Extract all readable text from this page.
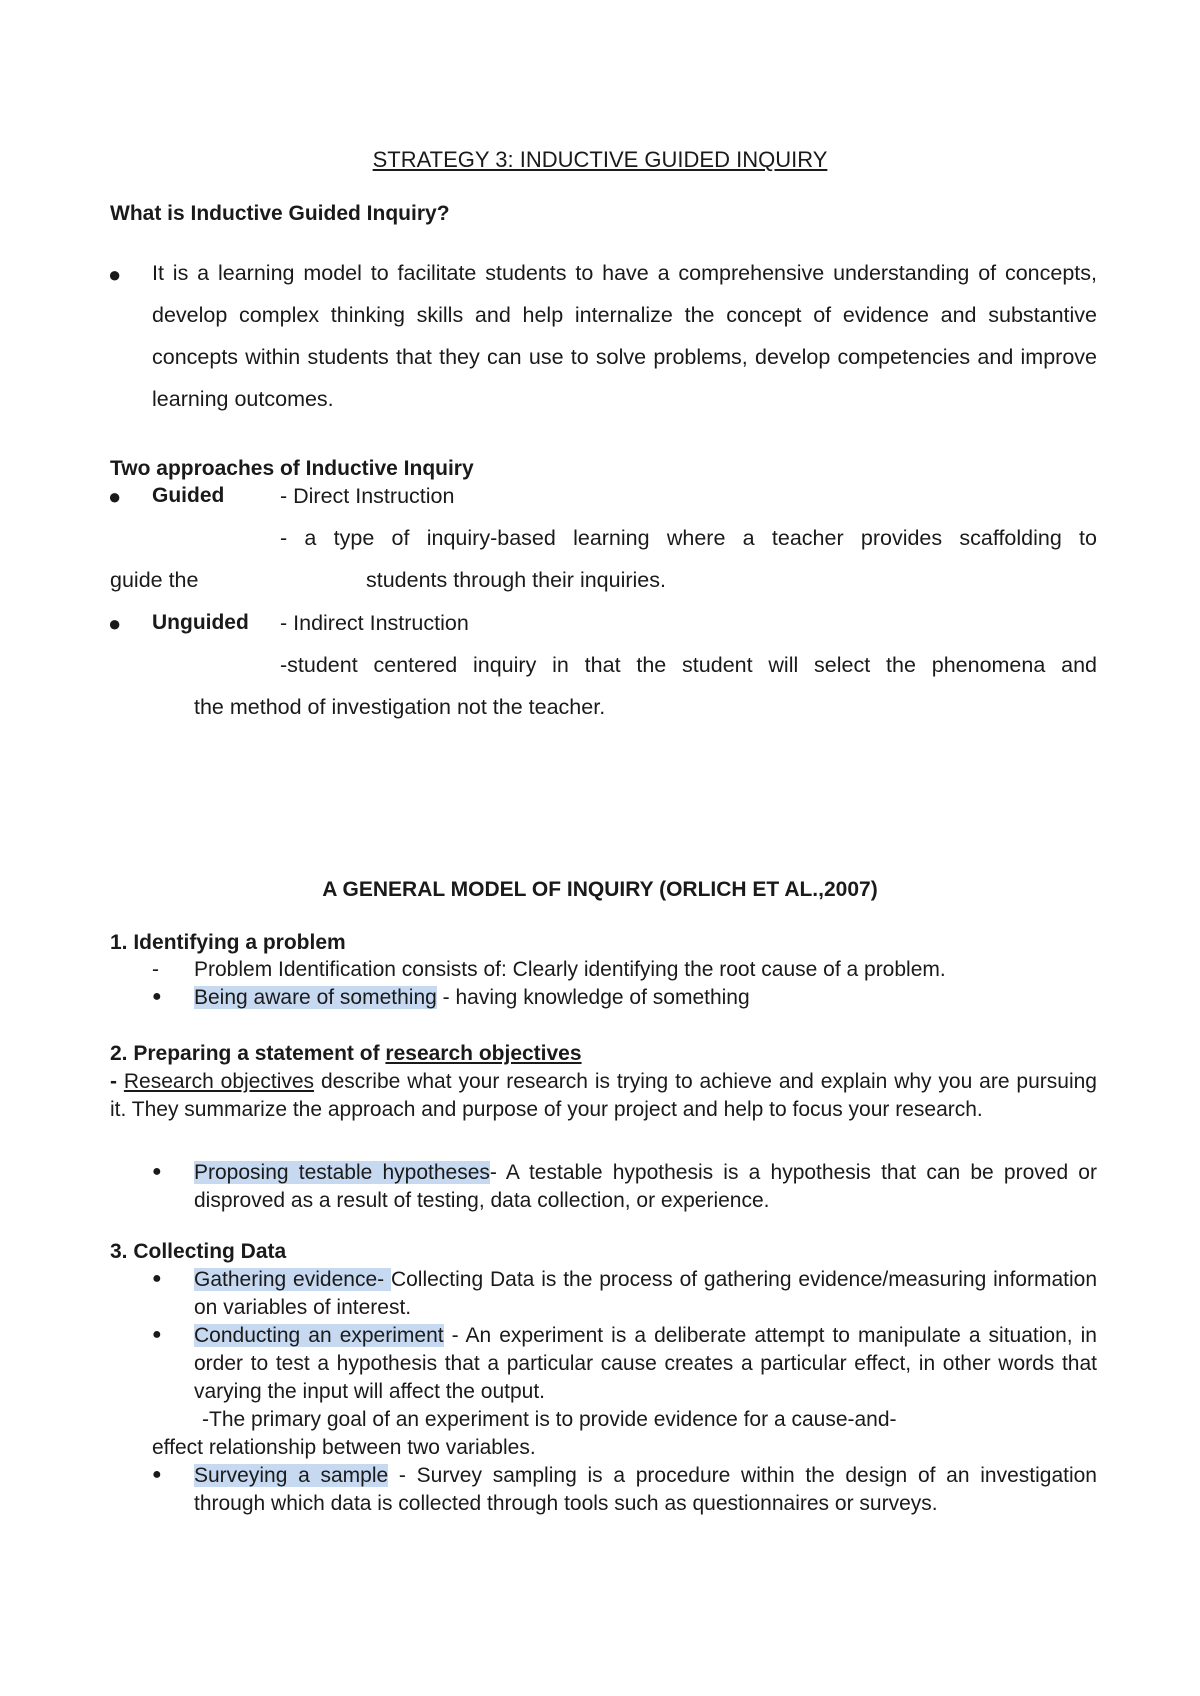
STRATEGY 3: INDUCTIVE GUIDED INQUIRY
What is Inductive Guided Inquiry?
● It is a learning model to facilitate students to have a comprehensive understanding of concepts, develop complex thinking skills and help internalize the concept of evidence and substantive concepts within students that they can use to solve problems, develop competencies and improve learning outcomes.
Two approaches of Inductive Inquiry
● Guided	- Direct Instruction
- a type of inquiry-based learning where a teacher provides scaffolding to
guide the	students through their inquiries.
● Unguided - Indirect Instruction
-student centered inquiry in that the student will select the phenomena and
the method of investigation not the teacher.
A GENERAL MODEL OF INQUIRY (ORLICH ET AL.,2007)
1. Identifying a problem
- Problem Identification consists of: Clearly identifying the root cause of a problem.
● Being aware of something - having knowledge of something
2. Preparing a statement of research objectives
- Research objectives describe what your research is trying to achieve and explain why you are pursuing it. They summarize the approach and purpose of your project and help to focus your research.
● Proposing testable hypotheses- A testable hypothesis is a hypothesis that can be proved or disproved as a result of testing, data collection, or experience.
3. Collecting Data
● Gathering evidence- Collecting Data is the process of gathering evidence/measuring information on variables of interest.
● Conducting an experiment - An experiment is a deliberate attempt to manipulate a situation, in order to test a hypothesis that a particular cause creates a particular effect, in other words that varying the input will affect the output.
-The primary goal of an experiment is to provide evidence for a cause-and-
effect relationship between two variables.
● Surveying a sample - Survey sampling is a procedure within the design of an investigation through which data is collected through tools such as questionnaires or surveys.
